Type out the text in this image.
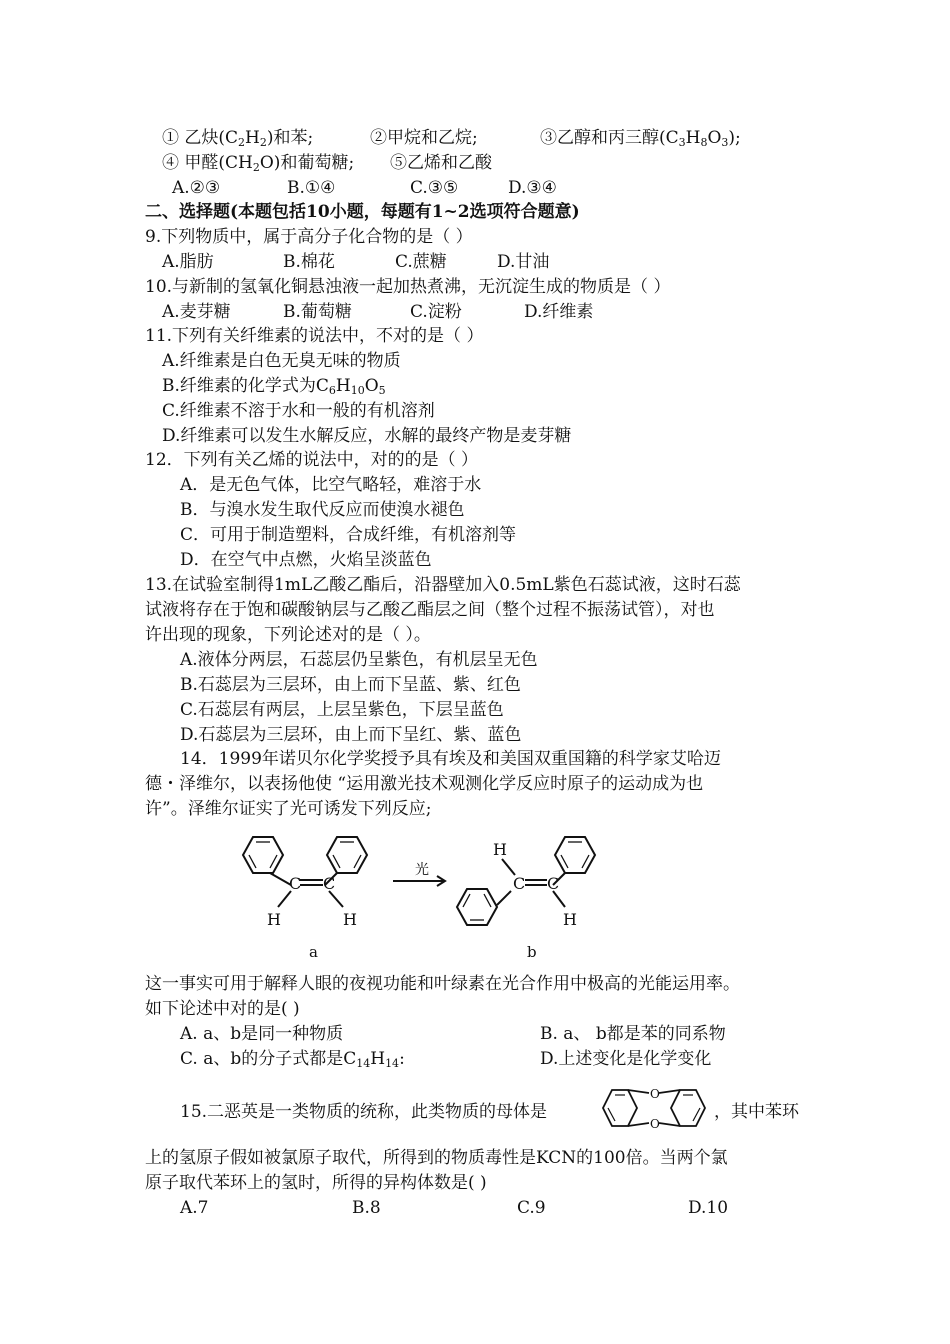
① 乙炔$(C_2H_2)$和苯;	②甲烷和乙烷;	③乙醇和丙三醇$(C_3H_8O_3)$;
④ 甲醛$(CH_2O)$和葡萄糖; ⑤乙烯和乙酸
A.②③	B.①④	C.③⑤	D.③④
二、选择题(本题包括10小题，每题有1~2选项符合题意)
9.下列物质中，属于高分子化合物的是（ ）
A.脂肪	B.棉花	C.蔗糖	D.甘油
10.与新制的氢氧化铜悬浊液一起加热煮沸，无沉淀生成的物质是（ ）
A.麦芽糖	B.葡萄糖	C.淀粉	D.纤维素
11.下列有关纤维素的说法中，不对的是（ ）
A.纤维素是白色无臭无味的物质
B.纤维素的化学式为$C_6H_{10}O_5$
C.纤维素不溶于水和一般的有机溶剂
D.纤维素可以发生水解反应，水解的最终产物是麦芽糖
12．下列有关乙烯的说法中，对的的是（ ）
A．是无色气体，比空气略轻，难溶于水
B．与溴水发生取代反应而使溴水褪色
C．可用于制造塑料，合成纤维，有机溶剂等
D．在空气中点燃，火焰呈淡蓝色
13.在试验室制得1mL乙酸乙酯后，沿器壁加入0.5mL紫色石蕊试液，这时石蕊
试液将存在于饱和碳酸钠层与乙酸乙酯层之间（整个过程不振荡试管），对也
许出现的现象，下列论述对的是（ ）。
A.液体分两层，石蕊层仍呈紫色，有机层呈无色
B.石蕊层为三层环，由上而下呈蓝、紫、红色
C.石蕊层有两层，上层呈紫色，下层呈蓝色
D.石蕊层为三层环，由上而下呈红、紫、蓝色
14．1999年诺贝尔化学奖授予具有埃及和美国双重国籍的科学家艾哈迈
德・泽维尔，以表扬他使 “运用激光技术观测化学反应时原子的运动成为也
许”。泽维尔证实了光可诱发下列反应;
C C
H	H
光
C C
H
H
a	b
这一事实可用于解释人眼的夜视功能和叶绿素在光合作用中极高的光能运用率。
如下论述中对的是( )
A. a、b是同一种物质	B. a、 b都是苯的同系物
C. a、b的分子式都是$C_{14}H_{14}$:	D.上述变化是化学变化
15.二恶英是一类物质的统称，此类物质的母体是
O
O
，其中苯环
上的氢原子假如被氯原子取代，所得到的物质毒性是KCN的100倍。当两个氯
原子取代苯环上的氢时，所得的异构体数是( )
A.7	B.8	C.9	D.10
